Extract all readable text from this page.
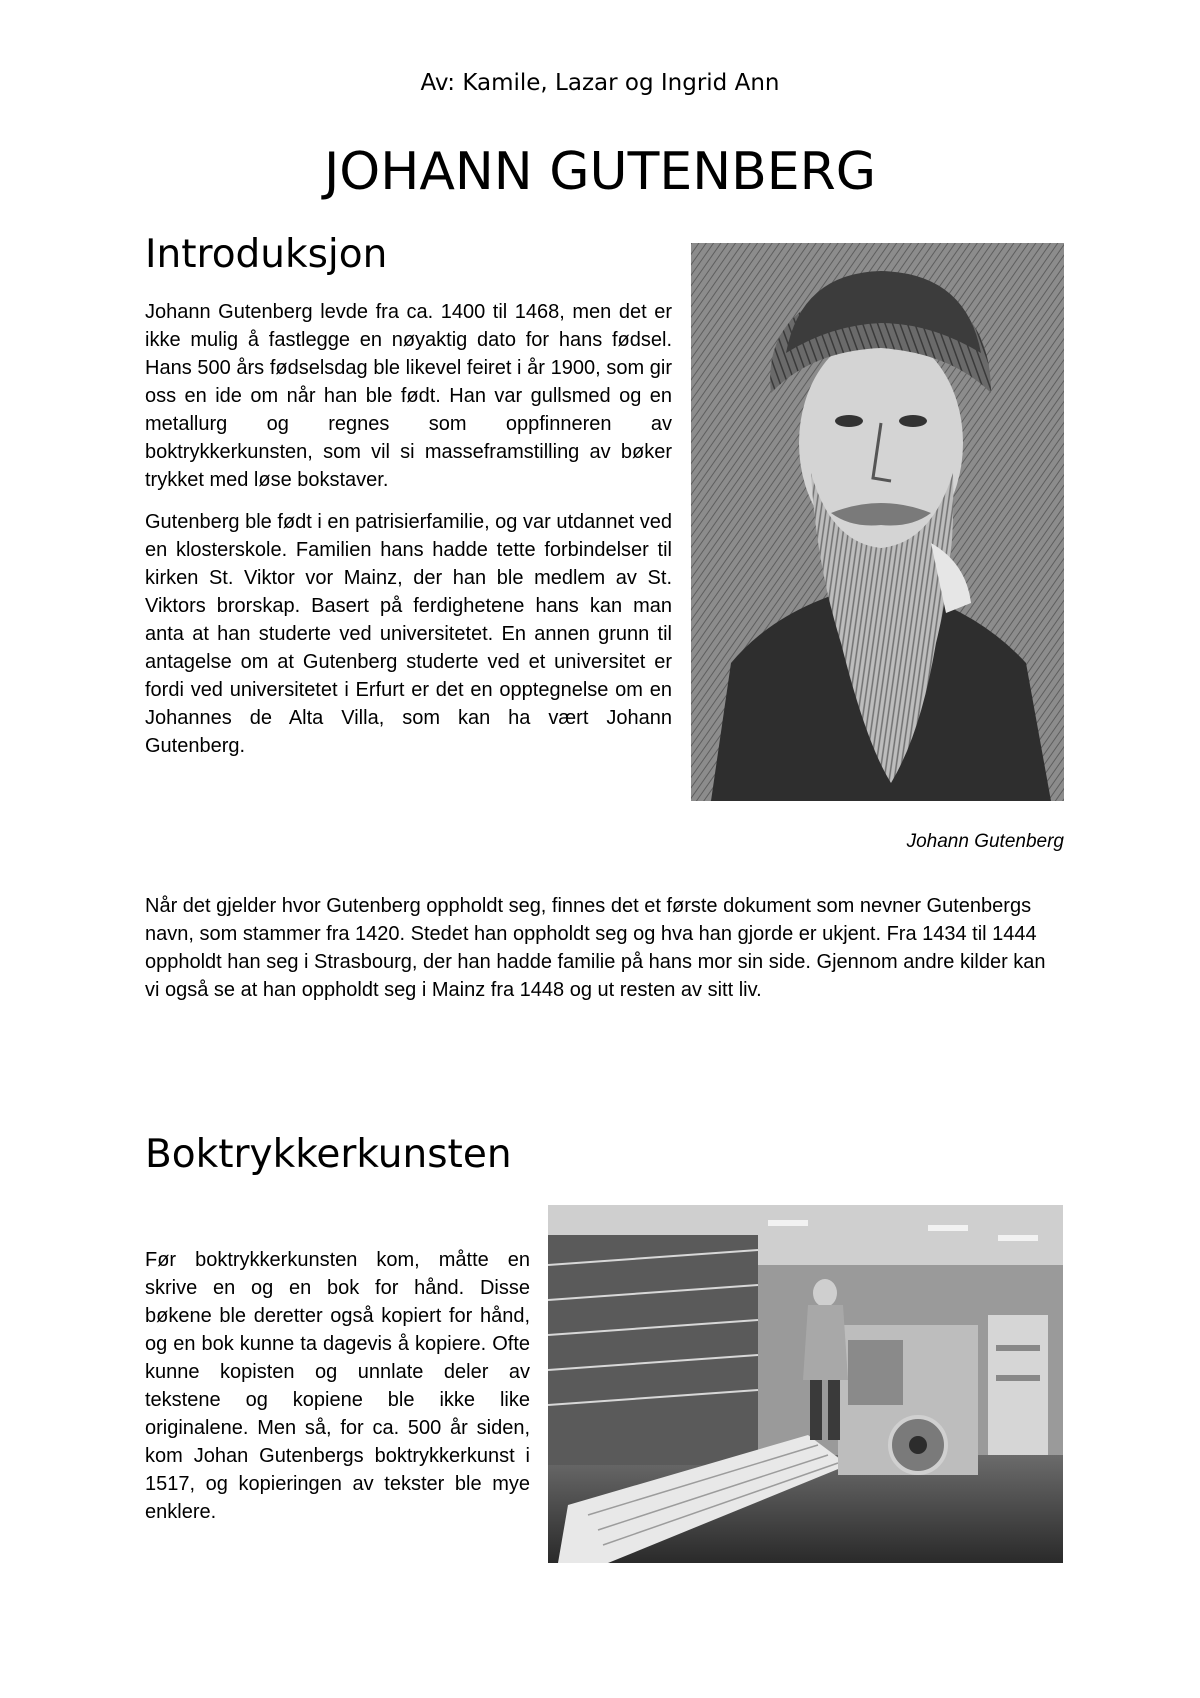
Av: Kamile, Lazar og Ingrid Ann
JOHANN GUTENBERG
Introduksjon

Johann Gutenberg levde fra ca. 1400 til 1468, men det er ikke mulig å fastlegge en nøyaktig dato for hans fødsel. Hans 500 års fødselsdag ble likevel feiret i år 1900, som gir oss en ide om når han ble født. Han var gullsmed og en metallurg og regnes som oppfinneren av boktrykkerkunsten, som vil si masseframstilling av bøker trykket med løse bokstaver.

Gutenberg ble født i en patrisierfamilie, og var utdannet ved en klosterskole. Familien hans hadde tette forbindelser til kirken St. Viktor vor Mainz, der han ble medlem av St. Viktors brorskap. Basert på ferdighetene hans kan man anta at han studerte ved universitetet. En annen grunn til antagelse om at Gutenberg studerte ved et universitet er fordi ved universitetet i Erfurt er det en opptegnelse om en Johannes de Alta Villa, som kan ha vært Johann Gutenberg.

Johann Gutenberg

Når det gjelder hvor Gutenberg oppholdt seg, finnes det et første dokument som nevner Gutenbergs navn, som stammer fra 1420. Stedet han oppholdt seg og hva han gjorde er ukjent. Fra 1434 til 1444 oppholdt han seg i Strasbourg, der han hadde familie på hans mor sin side. Gjennom andre kilder kan vi også se at han oppholdt seg i Mainz fra 1448 og ut resten av sitt liv.

Boktrykkerkunsten

Før boktrykkerkunsten kom, måtte en skrive en og en bok for hånd. Disse bøkene ble deretter også kopiert for hånd, og en bok kunne ta dagevis å kopiere. Ofte kunne kopisten og unnlate deler av tekstene og kopiene ble ikke like originalene. Men så, for ca. 500 år siden, kom Johan Gutenbergs boktrykkerkunst i 1517, og kopieringen av tekster ble mye enklere.
